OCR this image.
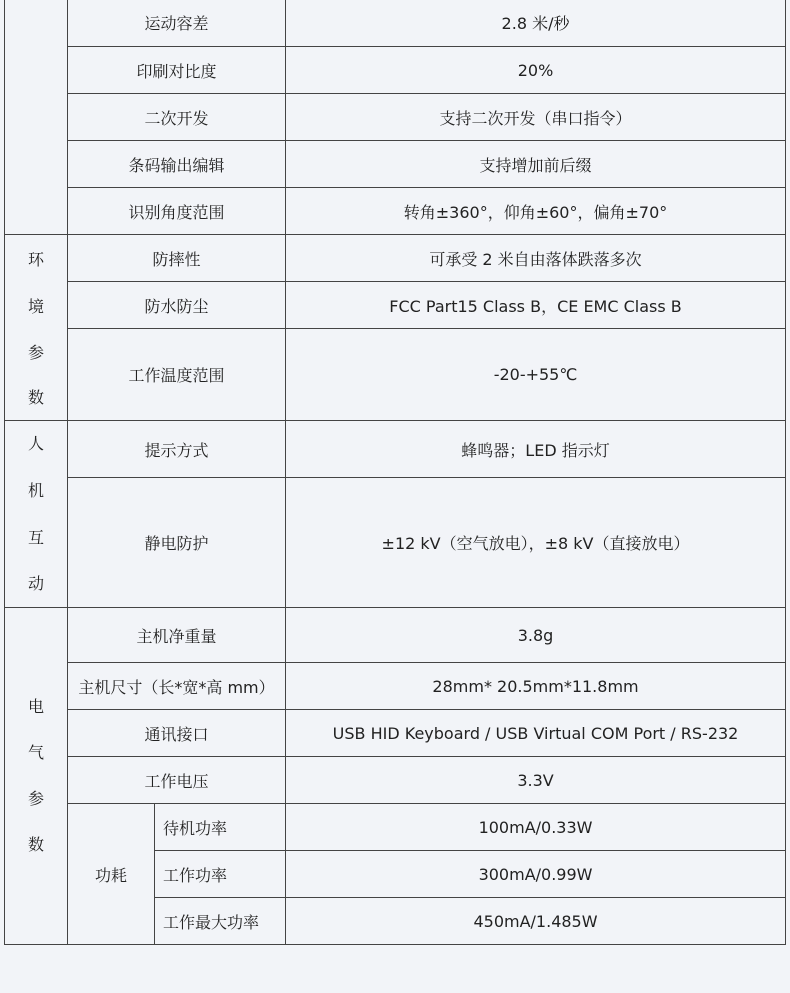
	运动容差		2.8 米/秒
	印刷对比度		20%
	二次开发		支持二次开发（串口指令）
	条码输出编辑		支持增加前后缀
	识别角度范围		转角±360°，仰角±60°，偏角±70°

环
境
参
数	防摔性		可承受 2 米自由落体跌落多次
	防水防尘		FCC Part15 Class B，CE EMC Class B
	工作温度范围		-20-+55℃

人
机
互
动	提示方式		蜂鸣器；LED 指示灯
	静电防护		±12 kV（空气放电），±8 kV（直接放电）

电
气
参
数	主机净重量		3.8g
	主机尺寸（长*宽*高 mm）		28mm* 20.5mm*11.8mm
	通讯接口		USB HID Keyboard / USB Virtual COM Port / RS-232
	工作电压		3.3V
	功耗	待机功率	100mA/0.33W
		工作功率	300mA/0.99W
		工作最大功率	450mA/1.485W
